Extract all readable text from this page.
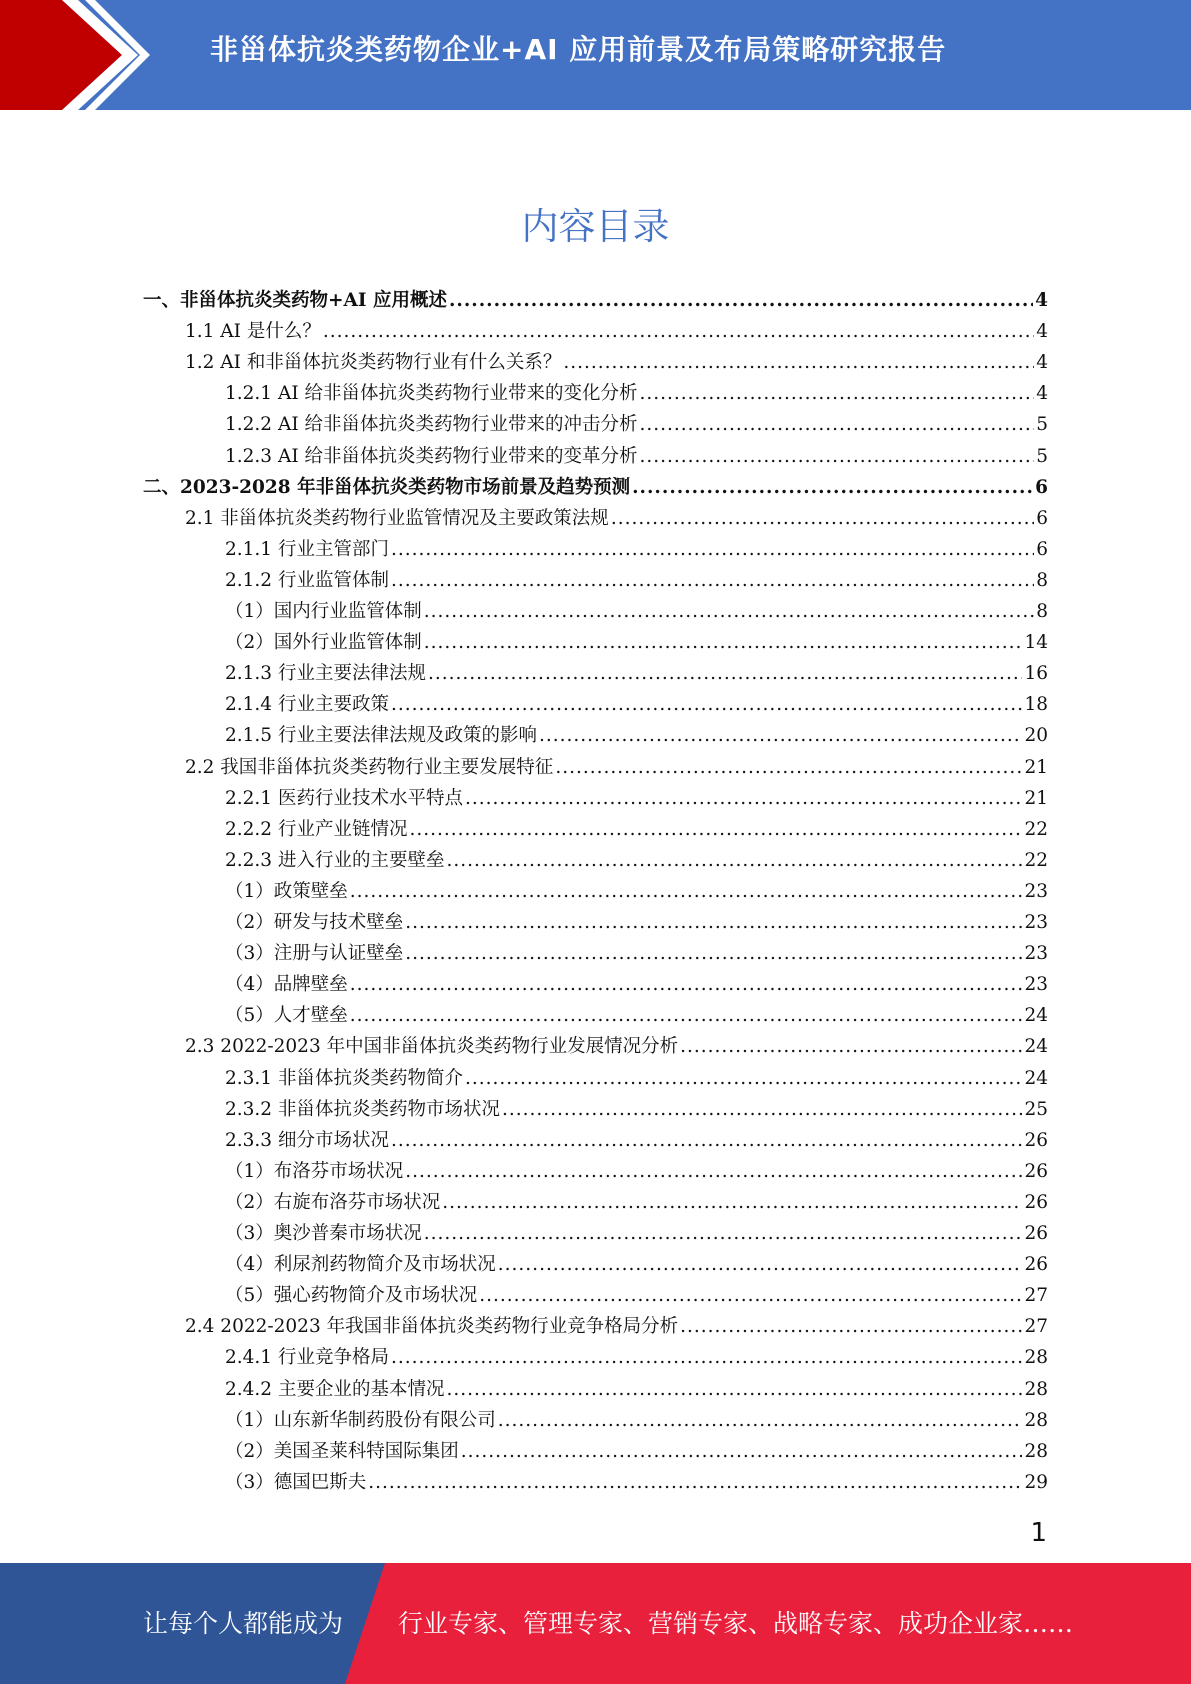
非甾体抗炎类药物企业+AI 应用前景及布局策略研究报告
内容目录
一、非甾体抗炎类药物+AI 应用概述 .....	4
1.1 AI 是什么？ .....	4
1.2 AI 和非甾体抗炎类药物行业有什么关系？ .....	4
1.2.1 AI 给非甾体抗炎类药物行业带来的变化分析 .....	4
1.2.2 AI 给非甾体抗炎类药物行业带来的冲击分析 .....	5
1.2.3 AI 给非甾体抗炎类药物行业带来的变革分析 .....	5
二、2023-2028 年非甾体抗炎类药物市场前景及趋势预测 .....	6
2.1 非甾体抗炎类药物行业监管情况及主要政策法规 .....	6
2.1.1 行业主管部门 .....	6
2.1.2 行业监管体制 .....	8
（1）国内行业监管体制 .....	8
（2）国外行业监管体制 .....	14
2.1.3 行业主要法律法规 .....	16
2.1.4 行业主要政策 .....	18
2.1.5 行业主要法律法规及政策的影响 .....	20
2.2 我国非甾体抗炎类药物行业主要发展特征 .....	21
2.2.1 医药行业技术水平特点 .....	21
2.2.2 行业产业链情况 .....	22
2.2.3 进入行业的主要壁垒 .....	22
（1）政策壁垒 .....	23
（2）研发与技术壁垒 .....	23
（3）注册与认证壁垒 .....	23
（4）品牌壁垒 .....	23
（5）人才壁垒 .....	24
2.3 2022-2023 年中国非甾体抗炎类药物行业发展情况分析 .....	24
2.3.1 非甾体抗炎类药物简介 .....	24
2.3.2 非甾体抗炎类药物市场状况 .....	25
2.3.3 细分市场状况 .....	26
（1）布洛芬市场状况 .....	26
（2）右旋布洛芬市场状况 .....	26
（3）奥沙普秦市场状况 .....	26
（4）利尿剂药物简介及市场状况 .....	26
（5）强心药物简介及市场状况 .....	27
2.4 2022-2023 年我国非甾体抗炎类药物行业竞争格局分析 .....	27
2.4.1 行业竞争格局 .....	28
2.4.2 主要企业的基本情况 .....	28
（1）山东新华制药股份有限公司 .....	28
（2）美国圣莱科特国际集团 .....	28
（3）德国巴斯夫 .....	29
1
让每个人都能成为 行业专家、管理专家、营销专家、战略专家、成功企业家……
